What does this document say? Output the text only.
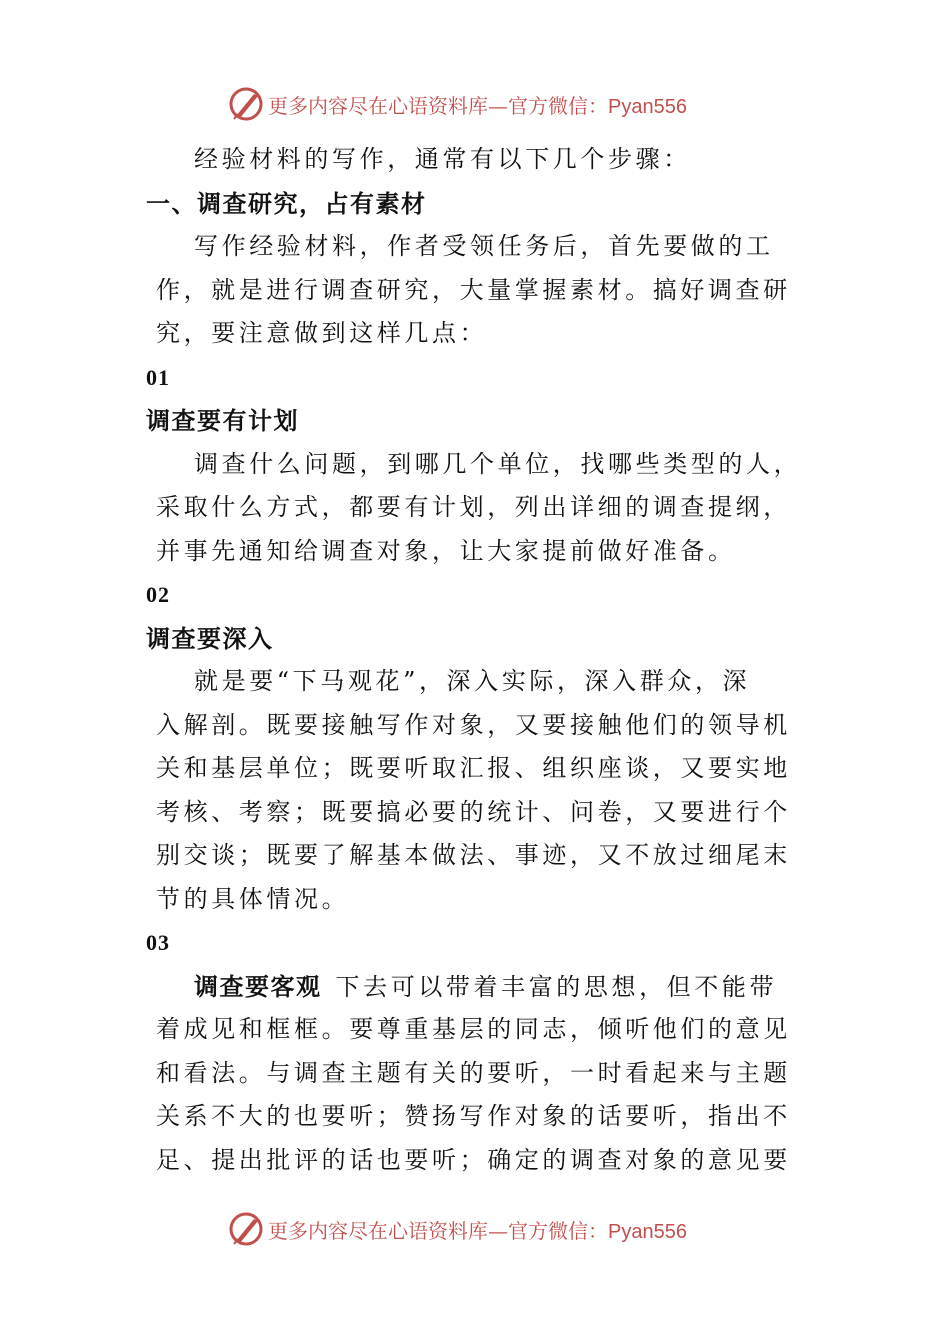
更多内容尽在心语资料库—官方微信：Pyan556
经验材料的写作，通常有以下几个步骤：
一、调查研究，占有素材
写作经验材料，作者受领任务后，首先要做的工
作，就是进行调查研究，大量掌握素材。搞好调查研
究，要注意做到这样几点：
01
调查要有计划
调查什么问题，到哪几个单位，找哪些类型的人，
采取什么方式，都要有计划，列出详细的调查提纲，
并事先通知给调查对象，让大家提前做好准备。
02
调查要深入
就是要“下马观花”，深入实际，深入群众，深
入解剖。既要接触写作对象，又要接触他们的领导机
关和基层单位；既要听取汇报、组织座谈，又要实地
考核、考察；既要搞必要的统计、问卷，又要进行个
别交谈；既要了解基本做法、事迹，又不放过细尾末
节的具体情况。
03
调查要客观 下去可以带着丰富的思想，但不能带
着成见和框框。要尊重基层的同志，倾听他们的意见
和看法。与调查主题有关的要听，一时看起来与主题
关系不大的也要听；赞扬写作对象的话要听，指出不
足、提出批评的话也要听；确定的调查对象的意见要
更多内容尽在心语资料库—官方微信：Pyan556
